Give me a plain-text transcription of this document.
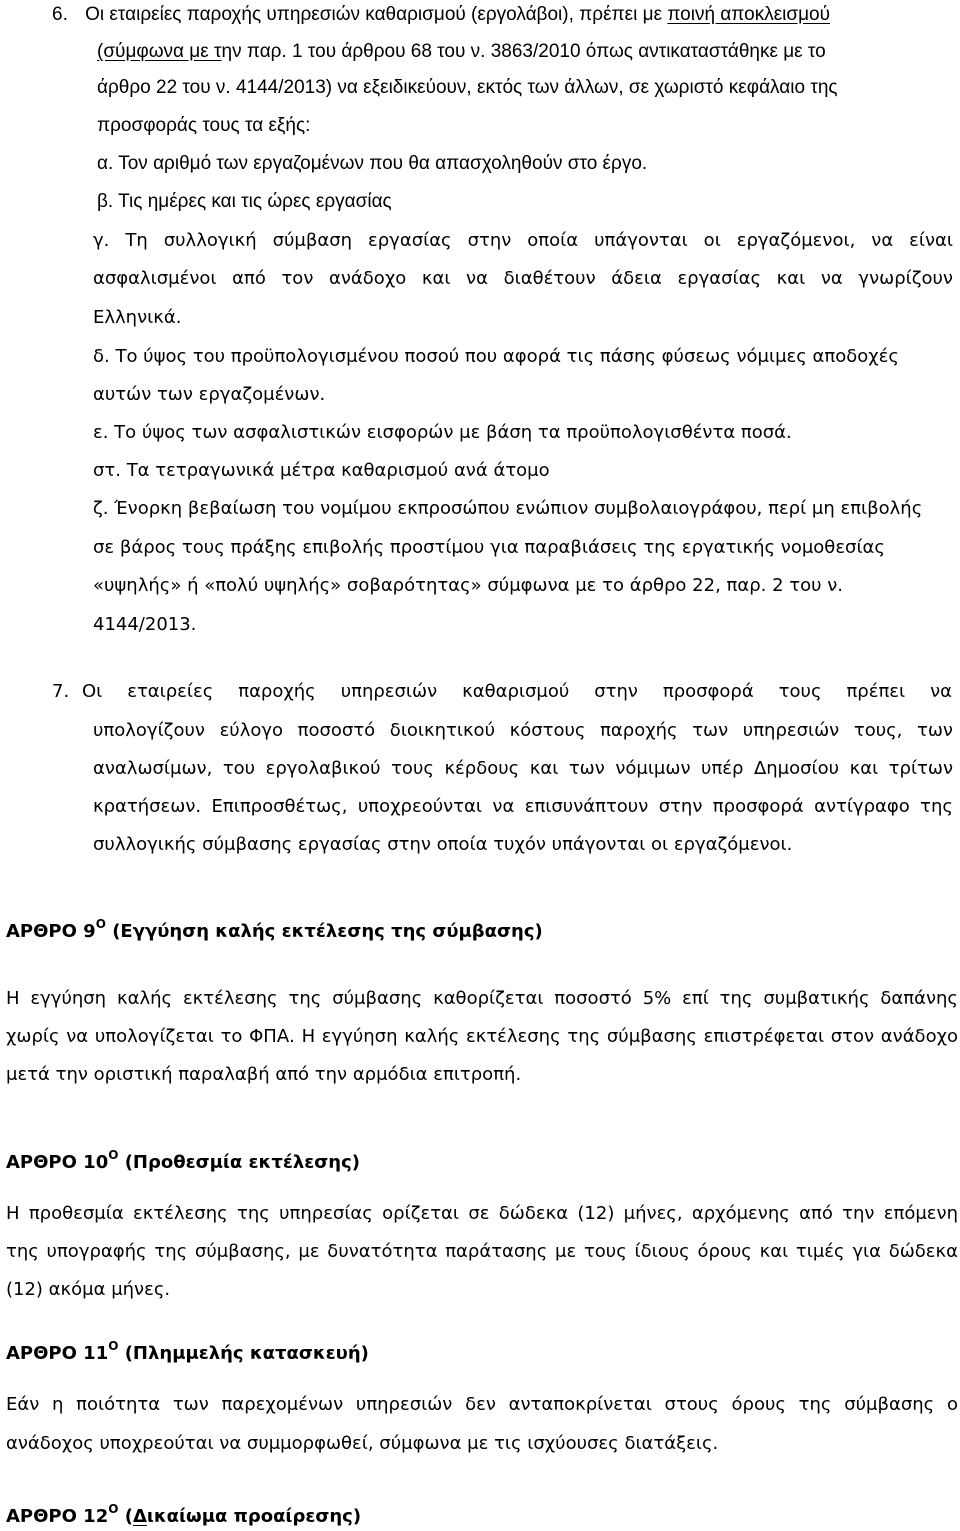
6. Οι εταιρείες παροχής υπηρεσιών καθαρισμού (εργολάβοι), πρέπει με ποινή αποκλεισμού
(σύμφωνα με την παρ. 1 του άρθρου 68 του ν. 3863/2010 όπως αντικαταστάθηκε με το
άρθρο 22 του ν. 4144/2013) να εξειδικεύουν, εκτός των άλλων, σε χωριστό κεφάλαιο της
προσφοράς τους τα εξής:
α. Τον αριθμό των εργαζομένων που θα απασχοληθούν στο έργο.
β. Τις ημέρες και τις ώρες εργασίας
γ. Τη συλλογική σύμβαση εργασίας στην οποία υπάγονται οι εργαζόμενοι, να είναι
ασφαλισμένοι από τον ανάδοχο και να διαθέτουν άδεια εργασίας και να γνωρίζουν
Ελληνικά.
δ. Το ύψος του προϋπολογισμένου ποσού που αφορά τις πάσης φύσεως νόμιμες αποδοχές
αυτών των εργαζομένων.
ε. Το ύψος των ασφαλιστικών εισφορών με βάση τα προϋπολογισθέντα ποσά.
στ. Τα τετραγωνικά μέτρα καθαρισμού ανά άτομο
ζ. Ένορκη βεβαίωση του νομίμου εκπροσώπου ενώπιον συμβολαιογράφου, περί μη επιβολής
σε βάρος τους πράξης επιβολής προστίμου για παραβιάσεις της εργατικής νομοθεσίας
«υψηλής» ή «πολύ υψηλής» σοβαρότητας» σύμφωνα με το άρθρο 22, παρ. 2 του ν.
4144/2013.
7. Οι εταιρείες παροχής υπηρεσιών καθαρισμού στην προσφορά τους πρέπει να
υπολογίζουν εύλογο ποσοστό διοικητικού κόστους παροχής των υπηρεσιών τους, των
αναλωσίμων, του εργολαβικού τους κέρδους και των νόμιμων υπέρ Δημοσίου και τρίτων
κρατήσεων. Επιπροσθέτως, υποχρεούνται να επισυνάπτουν στην προσφορά αντίγραφο της
συλλογικής σύμβασης εργασίας στην οποία τυχόν υπάγονται οι εργαζόμενοι.
ΑΡΘΡΟ $9^O$ (Εγγύηση καλής εκτέλεσης της σύμβασης)
Η εγγύηση καλής εκτέλεσης της σύμβασης καθορίζεται ποσοστό 5% επί της συμβατικής δαπάνης
χωρίς να υπολογίζεται το ΦΠΑ. Η εγγύηση καλής εκτέλεσης της σύμβασης επιστρέφεται στον ανάδοχο
μετά την οριστική παραλαβή από την αρμόδια επιτροπή.
ΑΡΘΡΟ $10^O$ (Προθεσμία εκτέλεσης)
Η προθεσμία εκτέλεσης της υπηρεσίας ορίζεται σε δώδεκα (12) μήνες, αρχόμενης από την επόμενη
της υπογραφής της σύμβασης, με δυνατότητα παράτασης με τους ίδιους όρους και τιμές για δώδεκα
(12) ακόμα μήνες.
ΑΡΘΡΟ $11^O$ (Πλημμελής κατασκευή)
Εάν η ποιότητα των παρεχομένων υπηρεσιών δεν ανταποκρίνεται στους όρους της σύμβασης ο
ανάδοχος υποχρεούται να συμμορφωθεί, σύμφωνα με τις ισχύουσες διατάξεις.
ΑΡΘΡΟ $12^O$ (Δικαίωμα προαίρεσης)
